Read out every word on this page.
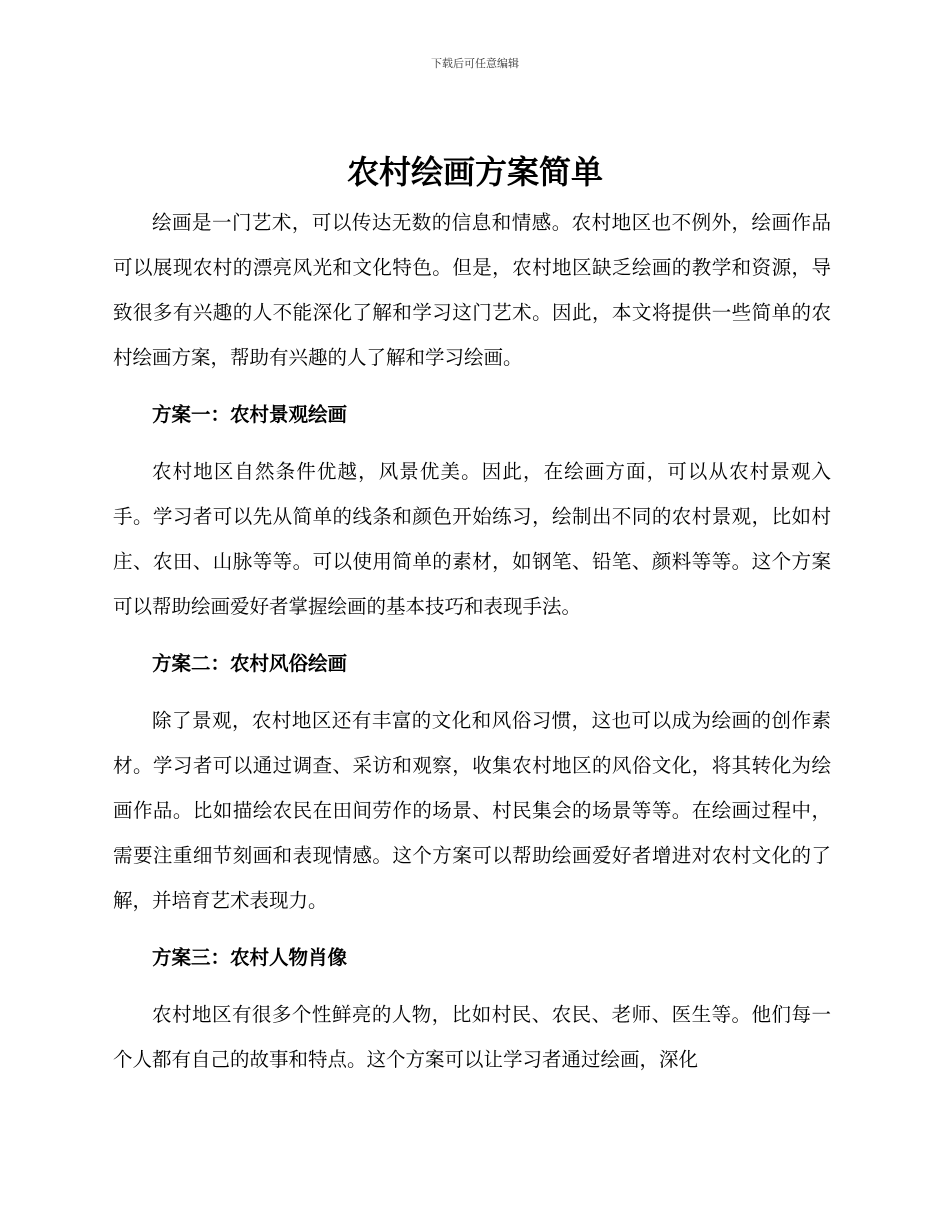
下载后可任意编辑
农村绘画方案简单

绘画是一门艺术，可以传达无数的信息和情感。农村地区也不例外，绘画作品可以展现农村的漂亮风光和文化特色。但是，农村地区缺乏绘画的教学和资源，导致很多有兴趣的人不能深化了解和学习这门艺术。因此，本文将提供一些简单的农村绘画方案，帮助有兴趣的人了解和学习绘画。

方案一：农村景观绘画

农村地区自然条件优越，风景优美。因此，在绘画方面，可以从农村景观入手。学习者可以先从简单的线条和颜色开始练习，绘制出不同的农村景观，比如村庄、农田、山脉等等。可以使用简单的素材，如钢笔、铅笔、颜料等等。这个方案可以帮助绘画爱好者掌握绘画的基本技巧和表现手法。

方案二：农村风俗绘画

除了景观，农村地区还有丰富的文化和风俗习惯，这也可以成为绘画的创作素材。学习者可以通过调查、采访和观察，收集农村地区的风俗文化，将其转化为绘画作品。比如描绘农民在田间劳作的场景、村民集会的场景等等。在绘画过程中，需要注重细节刻画和表现情感。这个方案可以帮助绘画爱好者增进对农村文化的了解，并培育艺术表现力。

方案三：农村人物肖像

农村地区有很多个性鲜亮的人物，比如村民、农民、老师、医生等。他们每一个人都有自己的故事和特点。这个方案可以让学习者通过绘画，深化
